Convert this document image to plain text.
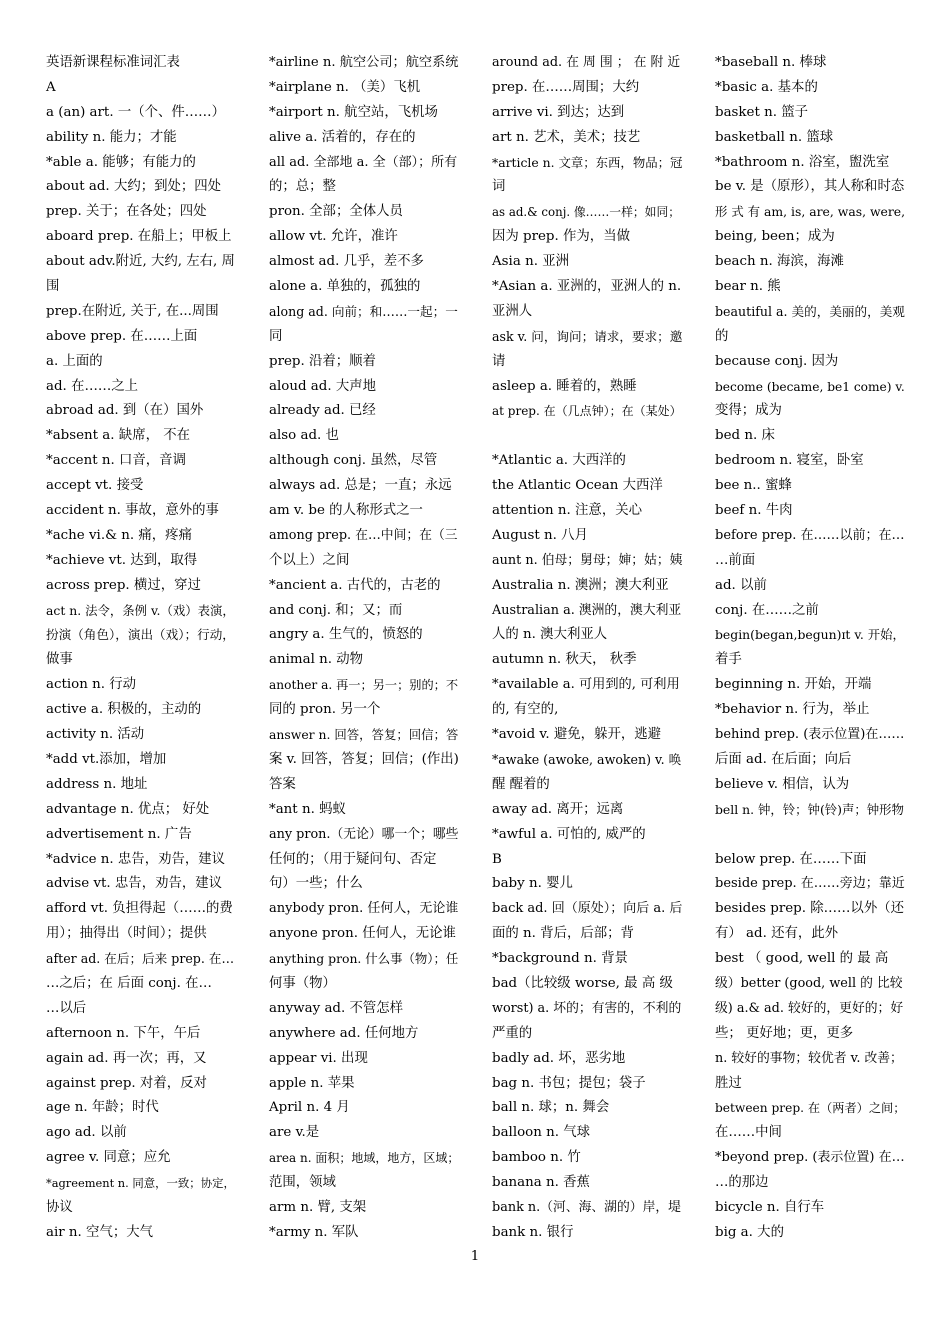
英语新课程标准词汇表
A
a (an) art. 一（个、件……）
ability n. 能力；才能
*able a. 能够；有能力的
about ad. 大约；到处；四处
prep. 关于；在各处；四处
aboard prep. 在船上；甲板上
about adv.附近, 大约, 左右, 周
围
prep.在附近, 关于, 在...周围
above prep. 在……上面
a. 上面的
ad. 在……之上
abroad ad. 到（在）国外
*absent a. 缺席， 不在
*accent n. 口音，音调
accept vt. 接受
accident n. 事故，意外的事
*ache vi.& n. 痛，疼痛
*achieve vt. 达到，取得
across prep. 横过，穿过
act n. 法令，条例 v.（戏）表演，
扮演（角色），演出（戏）；行动，
做事
action n. 行动
active a. 积极的，主动的
activity n. 活动
*add vt.添加，增加
address n. 地址
advantage n. 优点； 好处
advertisement n. 广告
*advice n. 忠告，劝告，建议
advise vt. 忠告，劝告，建议
afford vt. 负担得起（……的费
用）；抽得出（时间）；提供
after ad. 在后；后来 prep. 在…
…之后；在 后面 conj. 在…
…以后
afternoon n. 下午，午后
again ad. 再一次；再，又
against prep. 对着，反对
age n. 年龄；时代
ago ad. 以前
agree v. 同意；应允
*agreement n. 同意，一致；协定，
协议
air n. 空气；大气
*airline n. 航空公司；航空系统
*airplane n. （美）飞机
*airport n. 航空站，飞机场
alive a. 活着的，存在的
all ad. 全部地 a. 全（部）；所有
的；总；整
pron. 全部；全体人员
allow vt. 允许，准许
almost ad. 几乎，差不多
alone a. 单独的，孤独的
along ad. 向前；和……一起；一
同
prep. 沿着；顺着
aloud ad. 大声地
already ad. 已经
also ad. 也
although conj. 虽然，尽管
always ad. 总是；一直；永远
am v. be 的人称形式之一
among prep. 在…中间；在（三
个以上）之间
*ancient a. 古代的，古老的
and conj. 和；又；而
angry a. 生气的，愤怒的
animal n. 动物
another a. 再一；另一；别的；不
同的 pron. 另一个
answer n. 回答，答复；回信；答
案 v. 回答，答复；回信；(作出)
答案
*ant n. 蚂蚁
any pron.（无论）哪一个；哪些
任何的；（用于疑问句、否定
句）一些；什么
anybody pron. 任何人，无论谁
anyone pron. 任何人，无论谁
anything pron. 什么事（物）；任
何事（物）
anyway ad. 不管怎样
anywhere ad. 任何地方
appear vi. 出现
apple n. 苹果
April n. 4 月
are v.是
area n. 面积；地域，地方，区域；
范围，领域
arm n. 臂, 支架
*army n. 军队
around ad. 在 周 围 ； 在 附 近
prep. 在……周围；大约
arrive vi. 到达；达到
art n. 艺术，美术；技艺
*article n. 文章；东西，物品；冠
词
as ad.& conj. 像……一样；如同；
因为 prep. 作为，当做
Asia n. 亚洲
*Asian a. 亚洲的，亚洲人的 n.
亚洲人
ask v. 问，询问；请求，要求；邀
请
asleep a. 睡着的，熟睡
at prep. 在（几点钟）；在（某处）
*Atlantic a. 大西洋的
the Atlantic Ocean 大西洋
attention n. 注意，关心
August n. 八月
aunt n. 伯母；舅母；婶；姑；姨
Australia n. 澳洲；澳大利亚
Australian a. 澳洲的，澳大利亚
人的 n. 澳大利亚人
autumn n. 秋天， 秋季
*available a. 可用到的, 可利用
的, 有空的,
*avoid v. 避免，躲开，逃避
*awake (awoke, awoken) v. 唤
醒 醒着的
away ad. 离开；远离
*awful a. 可怕的, 威严的
B
baby n. 婴儿
back ad. 回（原处）；向后 a. 后
面的 n. 背后，后部；背
*background n. 背景
bad（比较级 worse, 最 高 级
worst) a. 坏的；有害的，不利的
严重的
badly ad. 坏，恶劣地
bag n. 书包；提包；袋子
ball n. 球；n. 舞会
balloon n. 气球
bamboo n. 竹
banana n. 香蕉
bank n.（河、海、湖的）岸，堤
bank n. 银行
*baseball n. 棒球
*basic a. 基本的
basket n. 篮子
basketball n. 篮球
*bathroom n. 浴室，盥洗室
be v. 是（原形），其人称和时态
形 式 有 am, is, are, was, were,
being, been；成为
beach n. 海滨，海滩
bear n. 熊
beautiful a. 美的，美丽的，美观
的
because conj. 因为
become (became, be1 come) v.
变得；成为
bed n. 床
bedroom n. 寝室，卧室
bee n.. 蜜蜂
beef n. 牛肉
before prep. 在……以前；在…
…前面
ad. 以前
conj. 在……之前
begin(began,begun)ɪt v. 开始，
着手
beginning n. 开始，开端
*behavior n. 行为，举止
behind prep. (表示位置)在……
后面 ad. 在后面；向后
believe v. 相信，认为
bell n. 钟，铃；钟(铃)声；钟形物
below prep. 在……下面
beside prep. 在……旁边；靠近
besides prep. 除……以外（还
有） ad. 还有，此外
best （ good, well 的 最 高
级）better (good, well 的 比较
级) a.& ad. 较好的，更好的；好
些； 更好地；更，更多
n. 较好的事物；较优者 v. 改善；
胜过
between prep. 在（两者）之间；
在……中间
*beyond prep. (表示位置) 在…
…的那边
bicycle n. 自行车
big a. 大的
1
